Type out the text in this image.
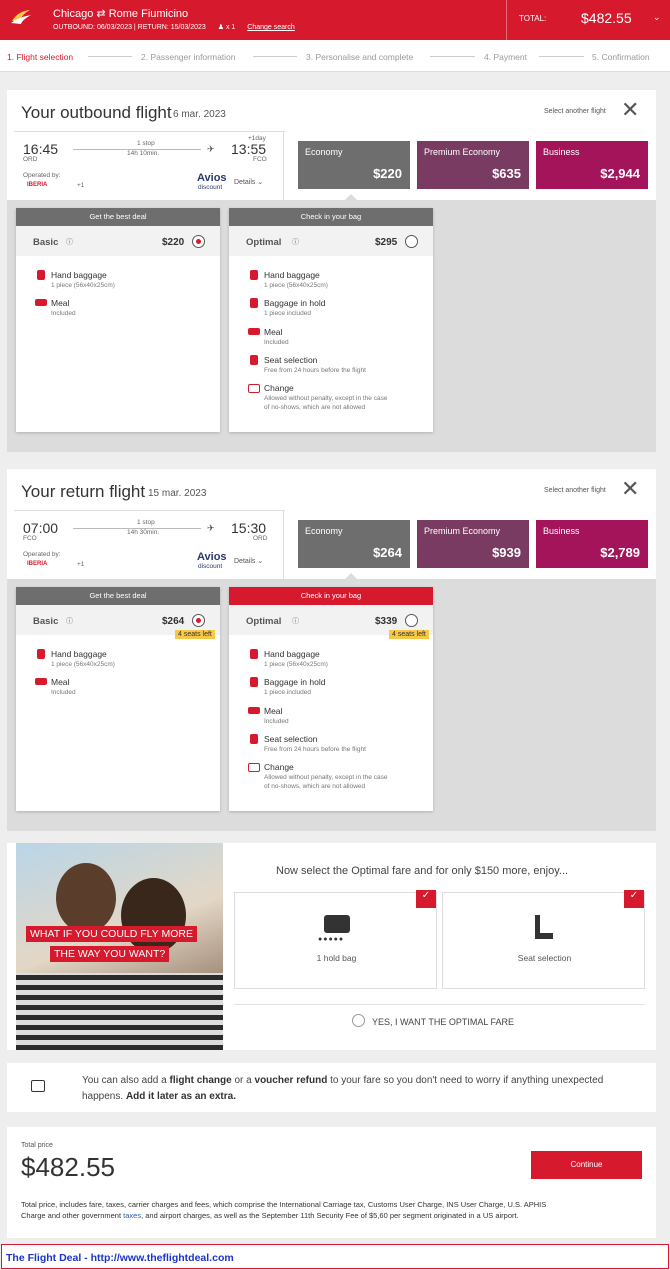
Chicago ⇄ Rome Fiumicino
OUTBOUND: 06/03/2023 | RETURN: 15/03/2023 ♟ x 1 Change search
TOTAL: $482.55 ⌄
1. Flight selection	2. Passenger information	3. Personalise and complete	4. Payment	5. Confirmation
Your outbound flight 6 mar. 2023	Select another flight ✕
16:45
ORD
✈
1 stop
14h 10min.
+1day
13:55
FCO
Operated by:
IBERIA	+1
Avios
discount
Details ⌄
Economy
$220
Premium Economy
$635
Business
$2,944
Get the best deal
Basic ⓘ	$220
Hand baggage
1 piece (56x40x25cm)
Meal
Included
Check in your bag
Optimal ⓘ	$295
Hand baggage
1 piece (56x40x25cm)
Baggage in hold
1 piece included
Meal
Included
Seat selection
Free from 24 hours before the flight
Change
Allowed without penalty, except in the case
of no-shows, which are not allowed
Your return flight 15 mar. 2023	Select another flight ✕
07:00
FCO
✈
1 stop
14h 30min.	15:30
ORD
Operated by:
IBERIA	+1
Avios
discount
Details ⌄
Economy
$264
Premium Economy
$939
Business
$2,789
Get the best deal
Basic ⓘ	$264
4 seats left
Hand baggage
1 piece (56x40x25cm)
Meal
Included
Check in your bag
Optimal ⓘ	$339
4 seats left
Hand baggage
1 piece (56x40x25cm)
Baggage in hold
1 piece included
Meal
Included
Seat selection
Free from 24 hours before the flight
Change
Allowed without penalty, except in the case
of no-shows, which are not allowed
WHAT IF YOU COULD FLY MORE
THE WAY YOU WANT?
Now select the Optimal fare and for only $150 more, enjoy...
✓
●●●●●
1 hold bag
✓
Seat selection
YES, I WANT THE OPTIMAL FARE
You can also add a flight change or a voucher refund to your fare so you don't need to worry if anything unexpected
happens. Add it later as an extra.
Total price
$482.55	Continue
Total price, includes fare, taxes, carrier charges and fees, which comprise the International Carriage tax, Customs User Charge, INS User Charge, U.S. APHIS
Charge and other government taxes, and airport charges, as well as the September 11th Security Fee of $5,60 per segment originated in a US airport.
The Flight Deal - http://www.theflightdeal.com
